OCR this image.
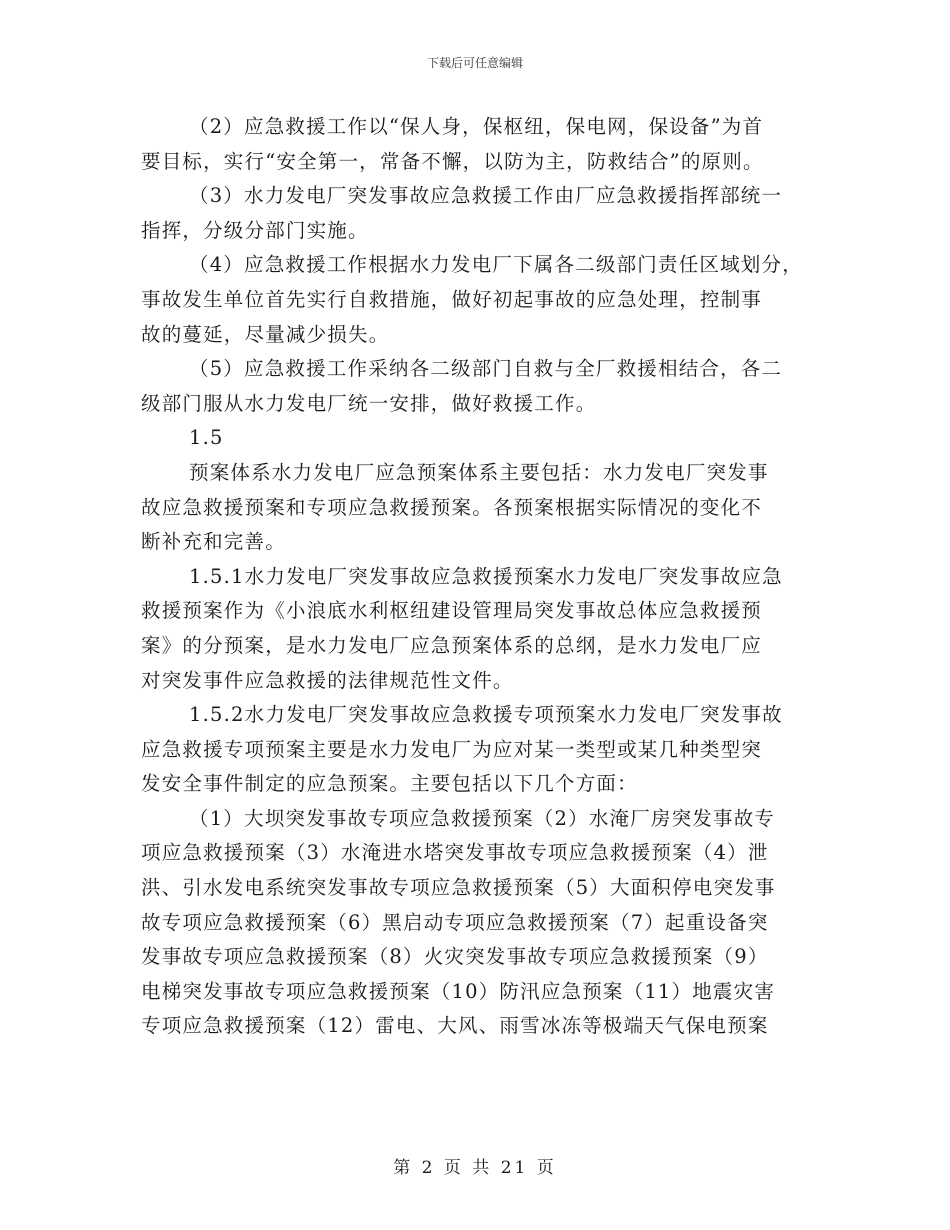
下载后可任意编辑

（2）应急救援工作以“保人身，保枢纽，保电网，保设备”为首
要目标，实行“安全第一，常备不懈，以防为主，防救结合”的原则。

（3）水力发电厂突发事故应急救援工作由厂应急救援指挥部统一
指挥，分级分部门实施。

（4）应急救援工作根据水力发电厂下属各二级部门责任区域划分，
事故发生单位首先实行自救措施，做好初起事故的应急处理，控制事
故的蔓延，尽量减少损失。

（5）应急救援工作采纳各二级部门自救与全厂救援相结合，各二
级部门服从水力发电厂统一安排，做好救援工作。

1.5

预案体系水力发电厂应急预案体系主要包括：水力发电厂突发事
故应急救援预案和专项应急救援预案。各预案根据实际情况的变化不
断补充和完善。

1.5.1水力发电厂突发事故应急救援预案水力发电厂突发事故应急
救援预案作为《小浪底水利枢纽建设管理局突发事故总体应急救援预
案》的分预案，是水力发电厂应急预案体系的总纲，是水力发电厂应
对突发事件应急救援的法律规范性文件。

1.5.2水力发电厂突发事故应急救援专项预案水力发电厂突发事故
应急救援专项预案主要是水力发电厂为应对某一类型或某几种类型突
发安全事件制定的应急预案。主要包括以下几个方面：

（1）大坝突发事故专项应急救援预案（2）水淹厂房突发事故专
项应急救援预案（3）水淹进水塔突发事故专项应急救援预案（4）泄
洪、引水发电系统突发事故专项应急救援预案（5）大面积停电突发事
故专项应急救援预案（6）黑启动专项应急救援预案（7）起重设备突
发事故专项应急救援预案（8）火灾突发事故专项应急救援预案（9）
电梯突发事故专项应急救援预案（10）防汛应急预案（11）地震灾害
专项应急救援预案（12）雷电、大风、雨雪冰冻等极端天气保电预案

第 2 页 共 21 页
